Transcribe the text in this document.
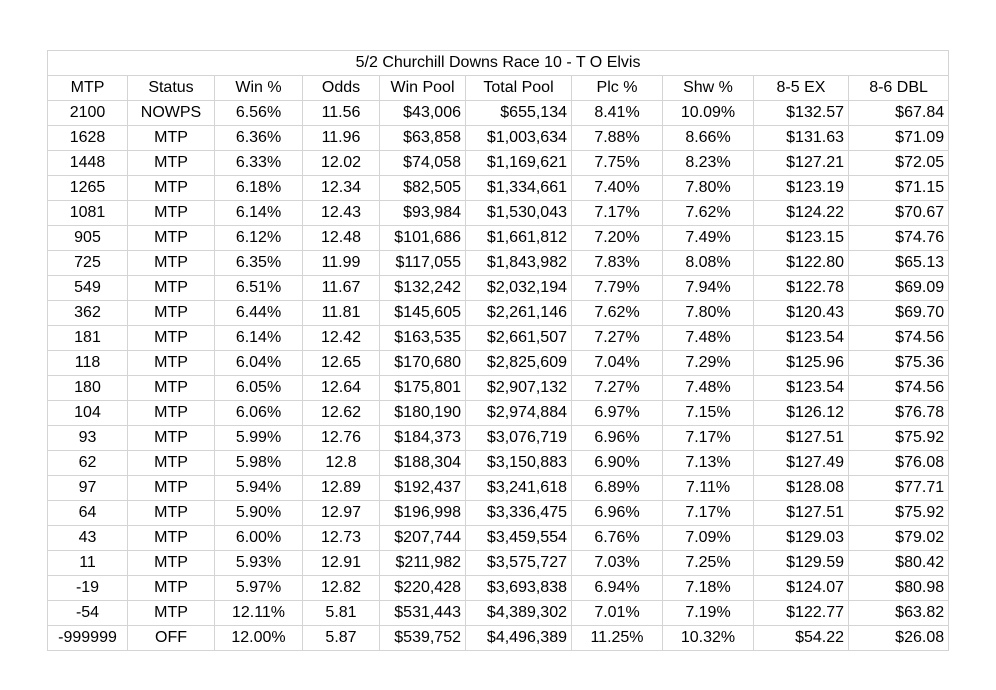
5/2 Churchill Downs Race 10 - T O Elvis									
MTP	Status	Win %	Odds	Win Pool	Total Pool	Plc %	Shw %	8-5 EX	8-6 DBL
2100	NOWPS	6.56%	11.56	$43,006	$655,134	8.41%	10.09%	$132.57	$67.84
1628	MTP	6.36%	11.96	$63,858	$1,003,634	7.88%	8.66%	$131.63	$71.09
1448	MTP	6.33%	12.02	$74,058	$1,169,621	7.75%	8.23%	$127.21	$72.05
1265	MTP	6.18%	12.34	$82,505	$1,334,661	7.40%	7.80%	$123.19	$71.15
1081	MTP	6.14%	12.43	$93,984	$1,530,043	7.17%	7.62%	$124.22	$70.67
905	MTP	6.12%	12.48	$101,686	$1,661,812	7.20%	7.49%	$123.15	$74.76
725	MTP	6.35%	11.99	$117,055	$1,843,982	7.83%	8.08%	$122.80	$65.13
549	MTP	6.51%	11.67	$132,242	$2,032,194	7.79%	7.94%	$122.78	$69.09
362	MTP	6.44%	11.81	$145,605	$2,261,146	7.62%	7.80%	$120.43	$69.70
181	MTP	6.14%	12.42	$163,535	$2,661,507	7.27%	7.48%	$123.54	$74.56
118	MTP	6.04%	12.65	$170,680	$2,825,609	7.04%	7.29%	$125.96	$75.36
180	MTP	6.05%	12.64	$175,801	$2,907,132	7.27%	7.48%	$123.54	$74.56
104	MTP	6.06%	12.62	$180,190	$2,974,884	6.97%	7.15%	$126.12	$76.78
93	MTP	5.99%	12.76	$184,373	$3,076,719	6.96%	7.17%	$127.51	$75.92
62	MTP	5.98%	12.8	$188,304	$3,150,883	6.90%	7.13%	$127.49	$76.08
97	MTP	5.94%	12.89	$192,437	$3,241,618	6.89%	7.11%	$128.08	$77.71
64	MTP	5.90%	12.97	$196,998	$3,336,475	6.96%	7.17%	$127.51	$75.92
43	MTP	6.00%	12.73	$207,744	$3,459,554	6.76%	7.09%	$129.03	$79.02
11	MTP	5.93%	12.91	$211,982	$3,575,727	7.03%	7.25%	$129.59	$80.42
-19	MTP	5.97%	12.82	$220,428	$3,693,838	6.94%	7.18%	$124.07	$80.98
-54	MTP	12.11%	5.81	$531,443	$4,389,302	7.01%	7.19%	$122.77	$63.82
-999999	OFF	12.00%	5.87	$539,752	$4,496,389	11.25%	10.32%	$54.22	$26.08
